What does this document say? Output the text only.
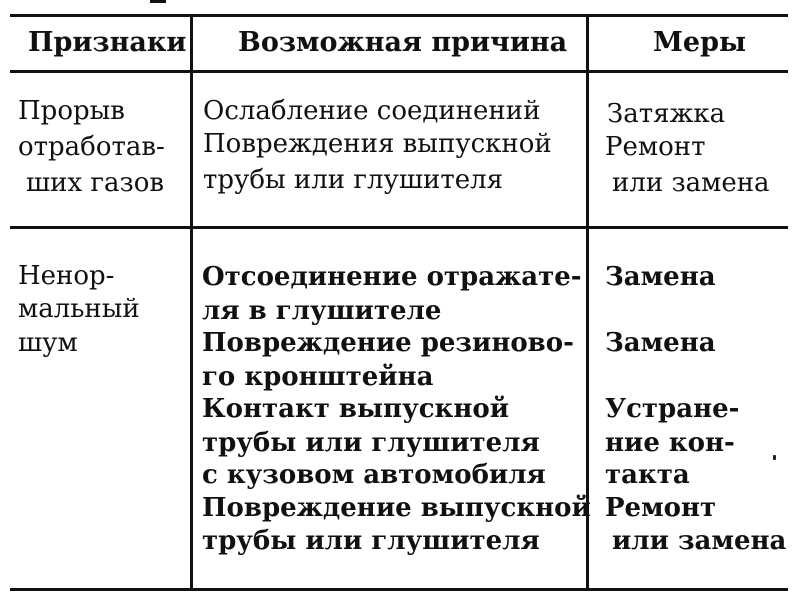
Признаки Возможная причина	Меры
Прорыв
отработав-
ших газов
Ослабление соединений
Повреждения выпускной
трубы или глушителя
Затяжка
Ремонт
или замена
Ненор-
мальный
шум
Отсоединение отражате-
ля в глушителе
Повреждение резиново-
го кронштейна
Контакт выпускной
трубы или глушителя
с кузовом автомобиля
Повреждение выпускной
трубы или глушителя
Замена
Замена
Устране-
ние кон-
такта
Ремонт
или замена
